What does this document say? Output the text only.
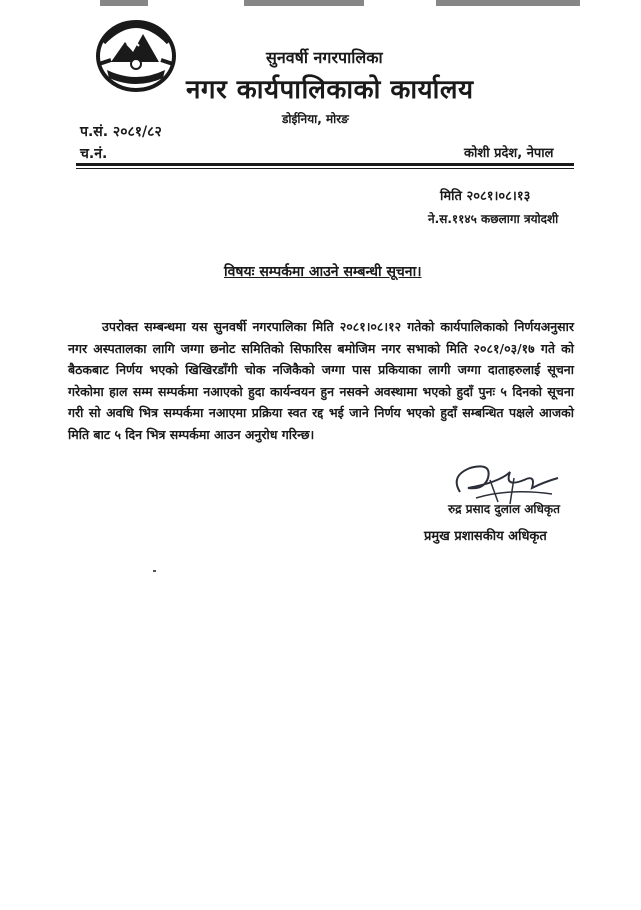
सुनवर्षी नगरपालिका
नगर कार्यपालिकाको कार्यालय
डोईनिया, मोरङ
प.सं. २०८१/८२
च.नं.	कोशी प्रदेश, नेपाल
मिति २०८१।०८।१३
ने.स.११४५ कछलागा त्रयोदशी
विषयः सम्पर्कमा आउने सम्बन्धी सूचना।
उपरोक्त सम्बन्धमा यस सुनवर्षी नगरपालिका मिति २०८१।०८।१२ गतेको कार्यपालिकाको निर्णयअनुसार नगर अस्पतालका लागि जग्गा छनोट समितिको सिफारिस बमोजिम नगर सभाको मिति २०८१/०३/१७ गते को बैठकबाट निर्णय भएको खिखिरडाँगी चोक नजिकैको जग्गा पास प्रकियाका लागी जग्गा दाताहरुलाई सूचना गरेकोमा हाल सम्म सम्पर्कमा नआएको हुदा कार्यन्वयन हुन नसक्ने अवस्थामा भएको हुदाँ पुनः ५ दिनको सूचना गरी सो अवधि भित्र सम्पर्कमा नआएमा प्रक्रिया स्वत रद्द भई जाने निर्णय भएको हुदाँ सम्बन्धित पक्षले आजको मिति बाट ५ दिन भित्र सम्पर्कमा आउन अनुरोध गरिन्छ।
रुद्र प्रसाद दुलाल अधिकृत
प्रमुख प्रशासकीय अधिकृत
